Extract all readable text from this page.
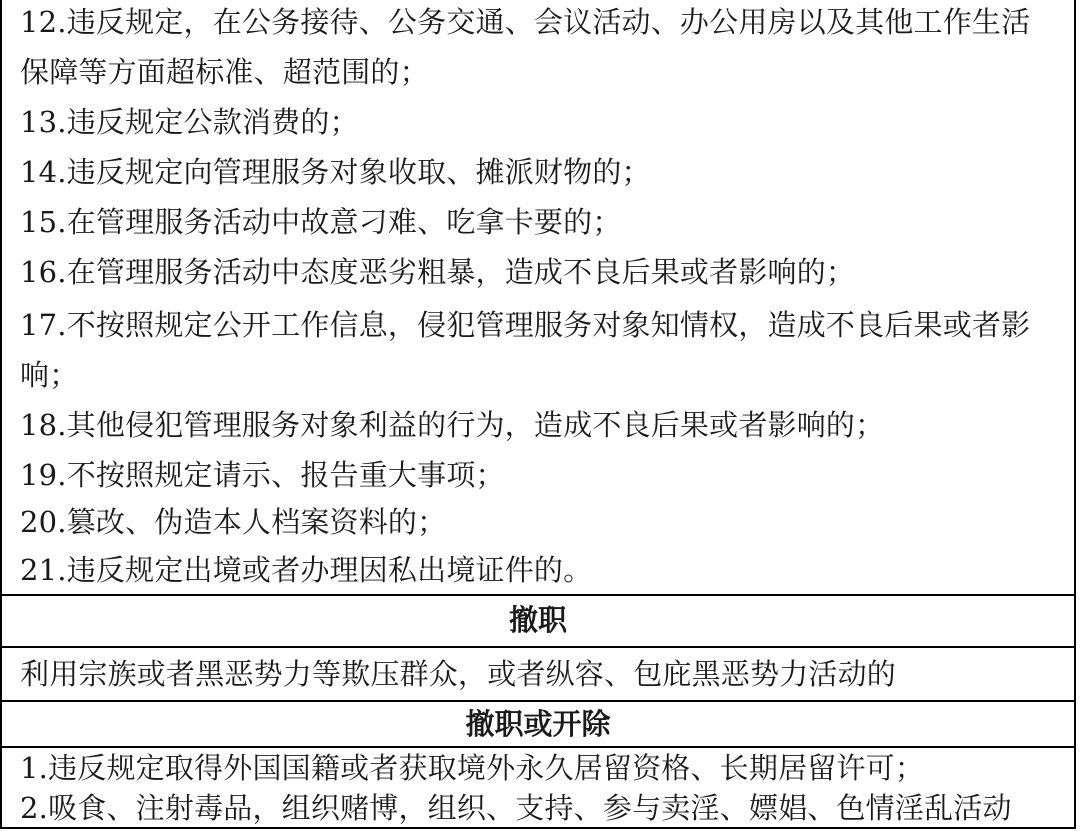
12.违反规定，在公务接待、公务交通、会议活动、办公用房以及其他工作生活
保障等方面超标准、超范围的；
13.违反规定公款消费的；
14.违反规定向管理服务对象收取、摊派财物的；
15.在管理服务活动中故意刁难、吃拿卡要的；
16.在管理服务活动中态度恶劣粗暴，造成不良后果或者影响的；
17.不按照规定公开工作信息，侵犯管理服务对象知情权，造成不良后果或者影
响；
18.其他侵犯管理服务对象利益的行为，造成不良后果或者影响的；
19.不按照规定请示、报告重大事项；
20.篡改、伪造本人档案资料的；
21.违反规定出境或者办理因私出境证件的。
撤职
利用宗族或者黑恶势力等欺压群众，或者纵容、包庇黑恶势力活动的
撤职或开除
1.违反规定取得外国国籍或者获取境外永久居留资格、长期居留许可；
2.吸食、注射毒品，组织赌博，组织、支持、参与卖淫、嫖娼、色情淫乱活动
